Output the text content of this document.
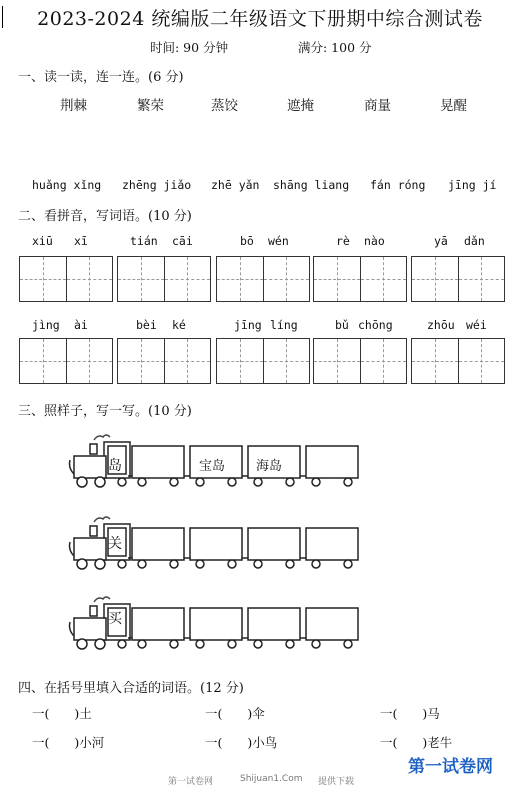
2023-2024 统编版二年级语文下册期中综合测试卷
时间: 90 分钟	满分: 100 分
一、读一读，连一连。(6 分)
荆棘	繁荣	蒸饺	遮掩	商量	晃醒
huǎng xǐng zhēng jiǎo zhē yǎn shāng liang fán róng jīng jí
二、看拼音，写词语。(10 分)
xiū xī	tián cāi	bō wén	rè nào	yā dǎn
jìng ài	bèi ké	jīng líng	bǔ chōng	zhōu wéi
三、照样子，写一写。(10 分)
岛	宝岛 海岛
关
买
四、在括号里填入合适的词语。(12 分)
一(　　)土	一(　　)伞	一(　　)马
一(　　)小河	一(　　)小鸟	一(　　)老牛
第一试卷网	Shijuan1.Com 提供下载
第一试卷网
